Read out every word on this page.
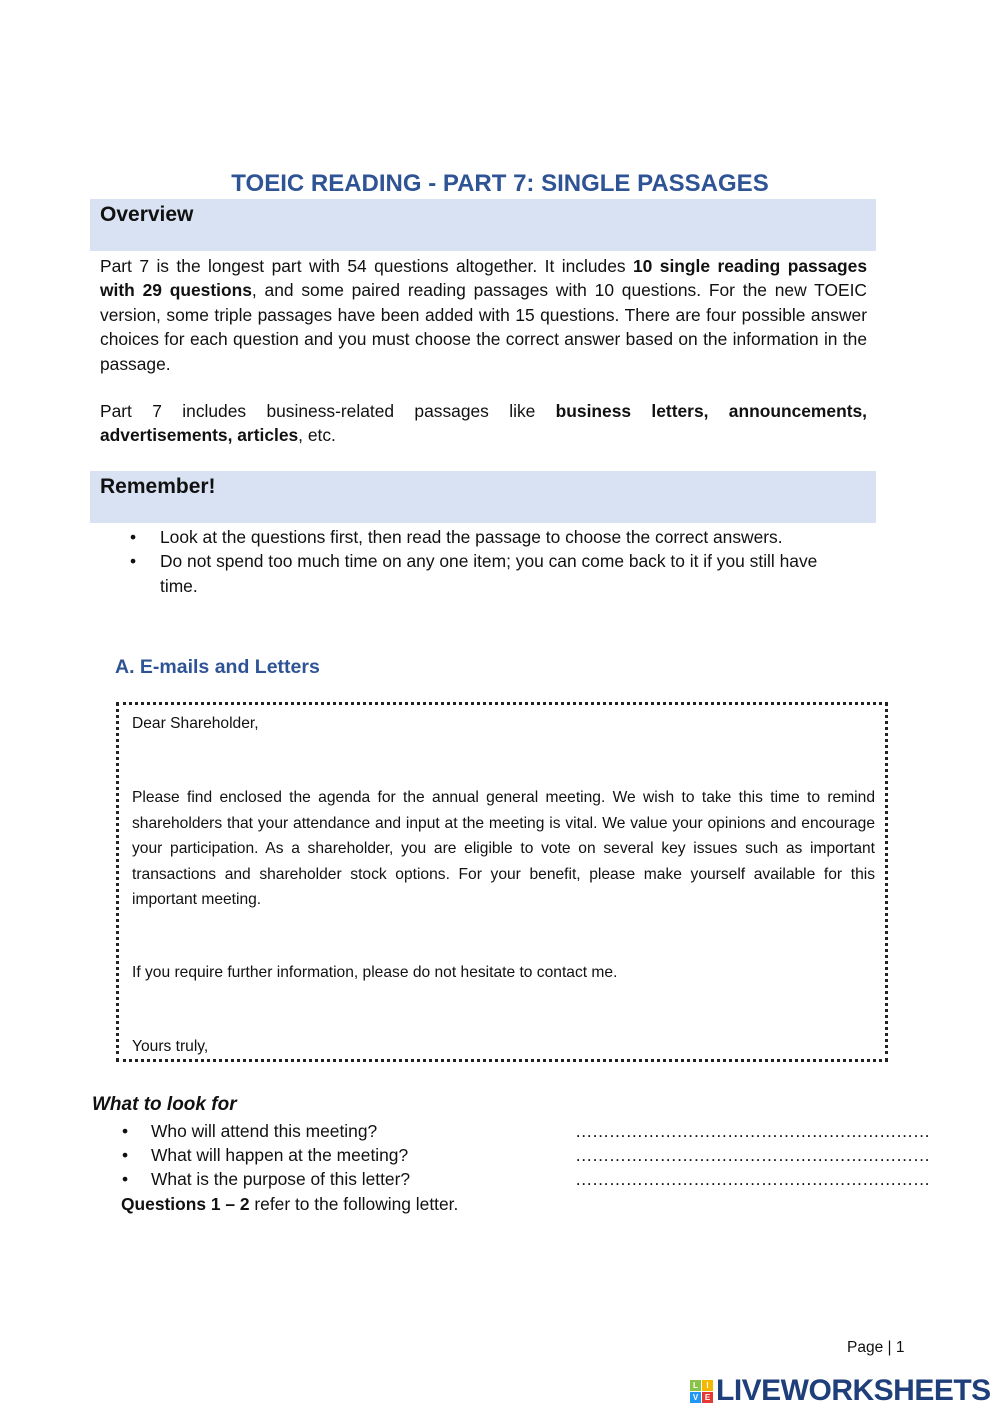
TOEIC READING - PART 7: SINGLE PASSAGES
Overview
Part 7 is the longest part with 54 questions altogether. It includes 10 single reading passages with 29 questions, and some paired reading passages with 10 questions. For the new TOEIC version, some triple passages have been added with 15 questions. There are four possible answer choices for each question and you must choose the correct answer based on the information in the passage.
Part 7 includes business-related passages like business letters, announcements, advertisements, articles, etc.
Remember!
• Look at the questions first, then read the passage to choose the correct answers.
• Do not spend too much time on any one item; you can come back to it if you still have time.
A. E-mails and Letters
Dear Shareholder,
Please find enclosed the agenda for the annual general meeting. We wish to take this time to remind shareholders that your attendance and input at the meeting is vital. We value your opinions and encourage your participation. As a shareholder, you are eligible to vote on several key issues such as important transactions and shareholder stock options. For your benefit, please make yourself available for this important meeting.
If you require further information, please do not hesitate to contact me.
Yours truly,
What to look for
• Who will attend this meeting?	………………………………………………………
• What will happen at the meeting?	………………………………………………………
• What is the purpose of this letter?	………………………………………………………
Questions 1 – 2 refer to the following letter.
Page | 1
L	I
V E LIVEWORKSHEETS
